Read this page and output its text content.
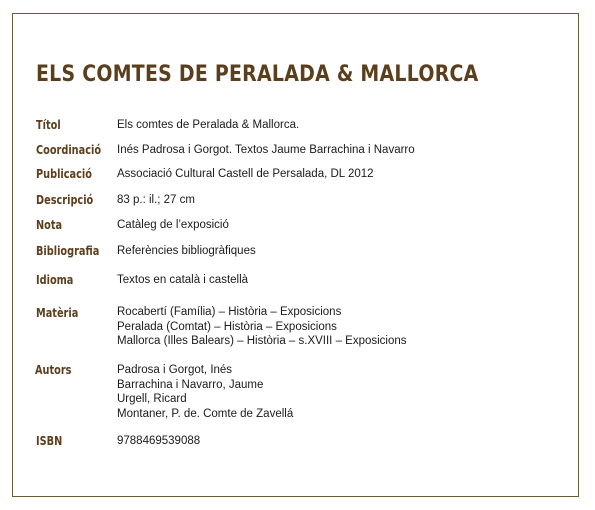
ELS COMTES DE PERALADA & MALLORCA
Títol	Els comtes de Peralada & Mallorca.
Coordinació Inés Padrosa i Gorgot. Textos Jaume Barrachina i Navarro
Publicació Associació Cultural Castell de Persalada, DL 2012
Descripció 83 p.: il.; 27 cm
Nota	Catàleg de l’exposició
Bibliografia Referències bibliogràfiques
Idioma	Textos en català i castellà
Matèria	Rocabertí (Família) – Història – Exposicions
Peralada (Comtat) – Història – Exposicions
Mallorca (Illes Balears) – Història – s.XVIII – Exposicions
Autors	Padrosa i Gorgot, Inés
Barrachina i Navarro, Jaume
Urgell, Ricard
Montaner, P. de. Comte de Zavellá
ISBN	9788469539088
